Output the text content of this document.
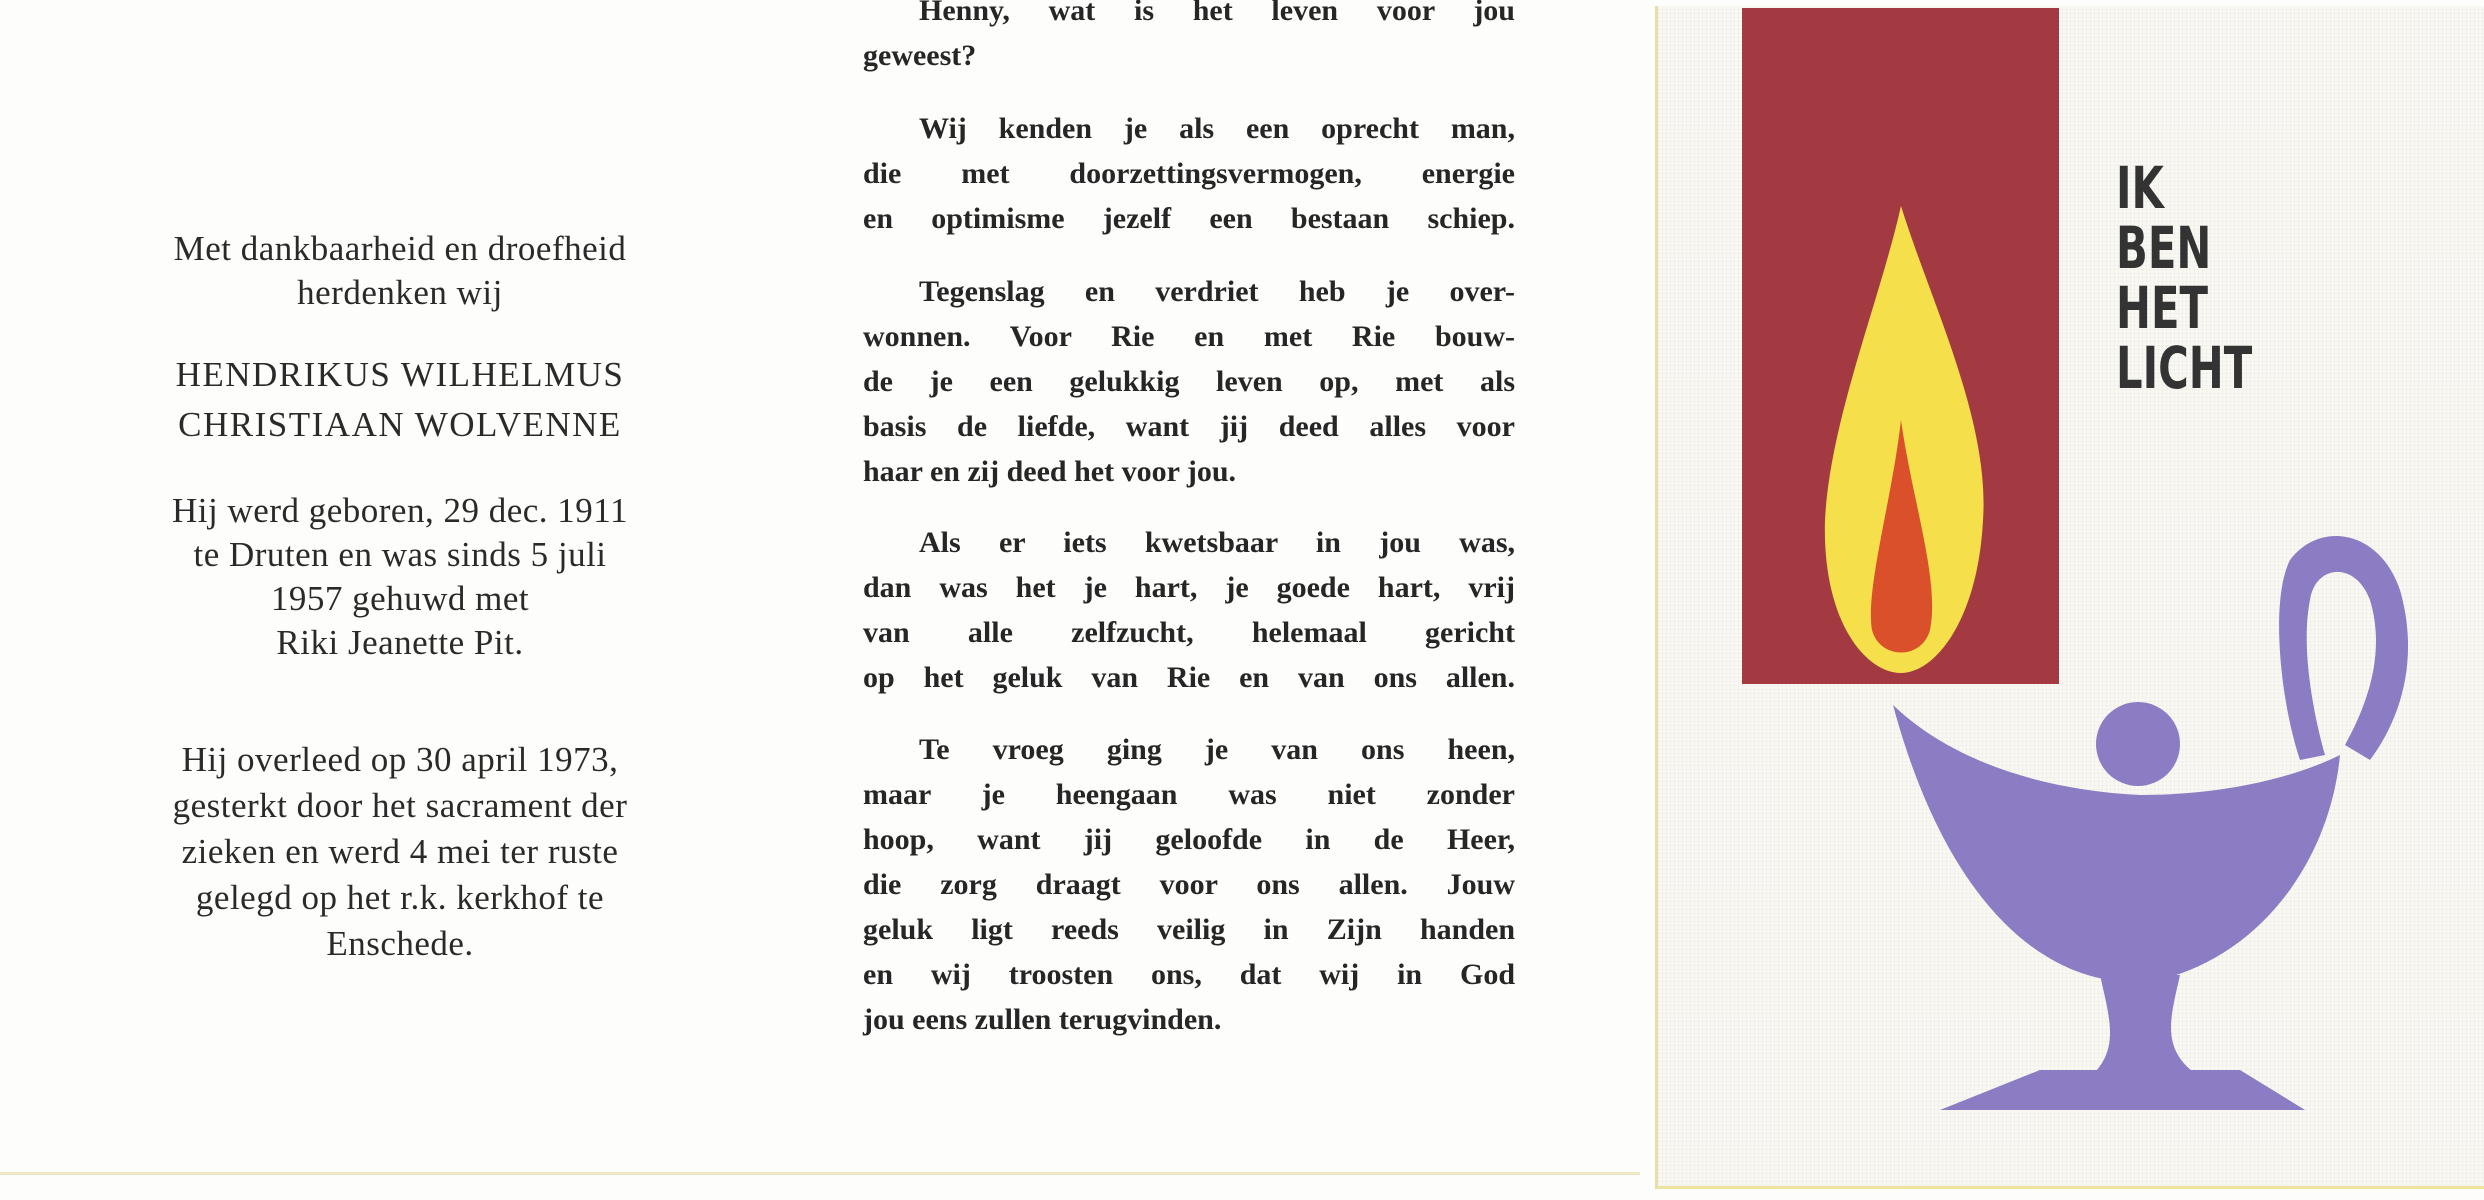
Met dankbaarheid en droefheid
herdenken wij
HENDRIKUS WILHELMUS
CHRISTIAAN WOLVENNE
Hij werd geboren, 29 dec. 1911
te Druten en was sinds 5 juli
1957 gehuwd met
Riki Jeanette Pit.
Hij overleed op 30 april 1973,
gesterkt door het sacrament der
zieken en werd 4 mei ter ruste
gelegd op het r.k. kerkhof te
Enschede.
Henny, wat is het leven voor jou
geweest?
Wij kenden je als een oprecht man,
die met doorzettingsvermogen, energie
en optimisme jezelf een bestaan schiep.
Tegenslag en verdriet heb je over-
wonnen. Voor Rie en met Rie bouw-
de je een gelukkig leven op, met als
basis de liefde, want jij deed alles voor
haar en zij deed het voor jou.
Als er iets kwetsbaar in jou was,
dan was het je hart, je goede hart, vrij
van alle zelfzucht, helemaal gericht
op het geluk van Rie en van ons allen.
Te vroeg ging je van ons heen,
maar je heengaan was niet zonder
hoop, want jij geloofde in de Heer,
die zorg draagt voor ons allen. Jouw
geluk ligt reeds veilig in Zijn handen
en wij troosten ons, dat wij in God
jou eens zullen terugvinden.
IK
BEN
HET
LICHT
